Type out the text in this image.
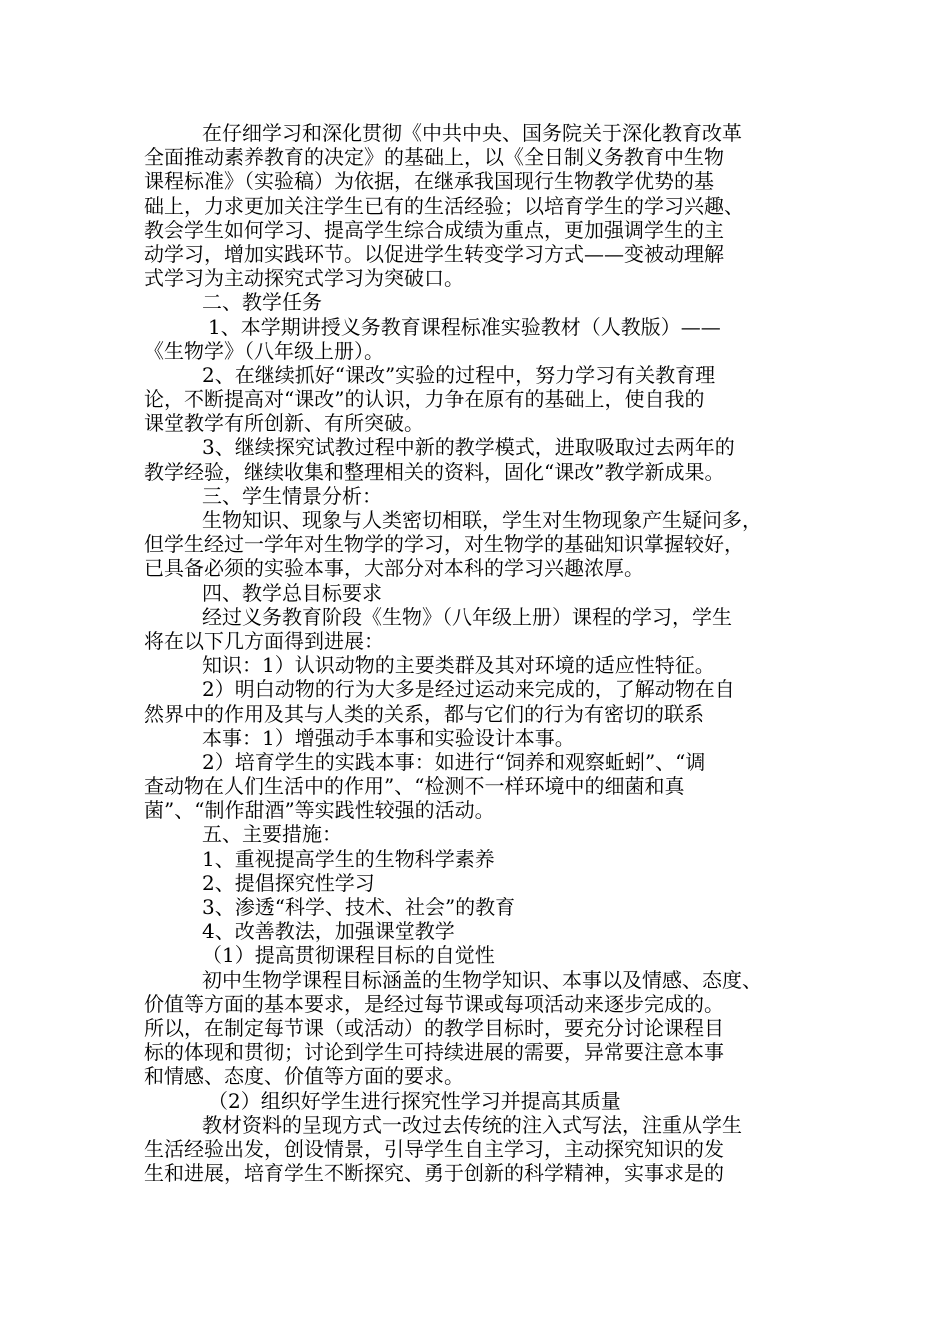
在仔细学习和深化贯彻《中共中央、国务院关于深化教育改革
全面推动素养教育的决定》的基础上，以《全日制义务教育中生物
课程标准》（实验稿）为依据，在继承我国现行生物教学优势的基
础上，力求更加关注学生已有的生活经验；以培育学生的学习兴趣、
教会学生如何学习、提高学生综合成绩为重点，更加强调学生的主
动学习，增加实践环节。以促进学生转变学习方式——变被动理解
式学习为主动探究式学习为突破口。
二、教学任务
1、本学期讲授义务教育课程标准实验教材（人教版）——
《生物学》（八年级上册）。
2、在继续抓好“课改”实验的过程中，努力学习有关教育理
论，不断提高对“课改”的认识，力争在原有的基础上，使自我的
课堂教学有所创新、有所突破。
3、继续探究试教过程中新的教学模式，进取吸取过去两年的
教学经验，继续收集和整理相关的资料，固化“课改”教学新成果。
三、学生情景分析：
生物知识、现象与人类密切相联，学生对生物现象产生疑问多，
但学生经过一学年对生物学的学习，对生物学的基础知识掌握较好，
已具备必须的实验本事，大部分对本科的学习兴趣浓厚。
四、教学总目标要求
经过义务教育阶段《生物》（八年级上册）课程的学习，学生
将在以下几方面得到进展：
知识：1）认识动物的主要类群及其对环境的适应性特征。
2）明白动物的行为大多是经过运动来完成的，了解动物在自
然界中的作用及其与人类的关系，都与它们的行为有密切的联系
本事：1）增强动手本事和实验设计本事。
2）培育学生的实践本事：如进行“饲养和观察蚯蚓”、“调
查动物在人们生活中的作用”、“检测不一样环境中的细菌和真
菌”、“制作甜酒”等实践性较强的活动。
五、主要措施：
1、重视提高学生的生物科学素养
2、提倡探究性学习
3、渗透“科学、技术、社会”的教育
4、改善教法，加强课堂教学
（1）提高贯彻课程目标的自觉性
初中生物学课程目标涵盖的生物学知识、本事以及情感、态度、
价值等方面的基本要求，是经过每节课或每项活动来逐步完成的。
所以，在制定每节课（或活动）的教学目标时，要充分讨论课程目
标的体现和贯彻；讨论到学生可持续进展的需要，异常要注意本事
和情感、态度、价值等方面的要求。
（2）组织好学生进行探究性学习并提高其质量
教材资料的呈现方式一改过去传统的注入式写法，注重从学生
生活经验出发，创设情景，引导学生自主学习，主动探究知识的发
生和进展，培育学生不断探究、勇于创新的科学精神，实事求是的
